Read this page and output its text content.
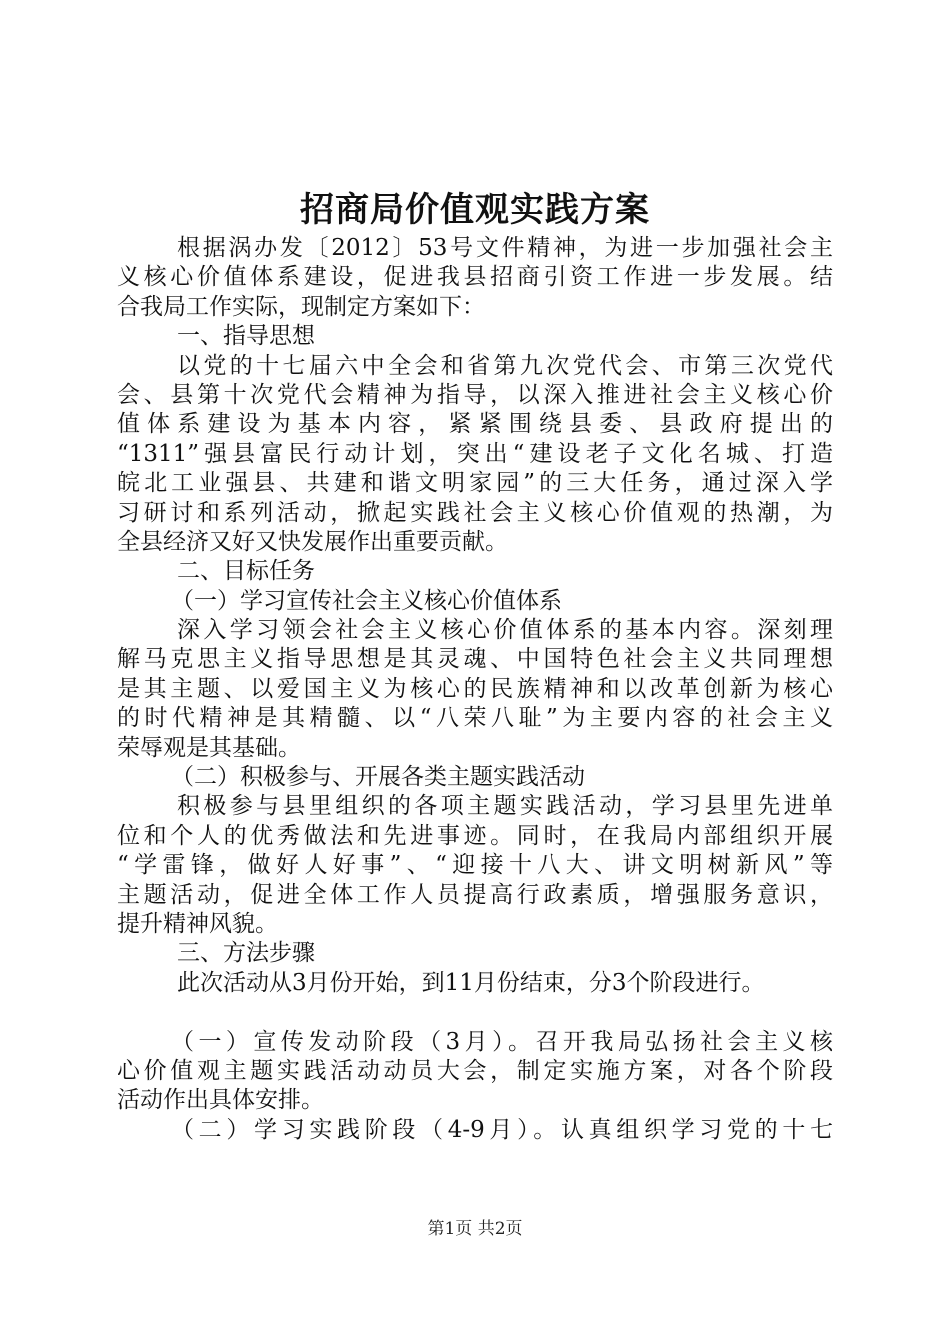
招商局价值观实践方案
根据涡办发〔2012〕53号文件精神，为进一步加强社会主
义核心价值体系建设，促进我县招商引资工作进一步发展。结
合我局工作实际，现制定方案如下：
一、指导思想
以党的十七届六中全会和省第九次党代会、市第三次党代
会、县第十次党代会精神为指导，以深入推进社会主义核心价
值体系建设为基本内容，紧紧围绕县委、县政府提出的
“1311”强县富民行动计划，突出“建设老子文化名城、打造
皖北工业强县、共建和谐文明家园”的三大任务，通过深入学
习研讨和系列活动，掀起实践社会主义核心价值观的热潮，为
全县经济又好又快发展作出重要贡献。
二、目标任务
（一）学习宣传社会主义核心价值体系
深入学习领会社会主义核心价值体系的基本内容。深刻理
解马克思主义指导思想是其灵魂、中国特色社会主义共同理想
是其主题、以爱国主义为核心的民族精神和以改革创新为核心
的时代精神是其精髓、以“八荣八耻”为主要内容的社会主义
荣辱观是其基础。
（二）积极参与、开展各类主题实践活动
积极参与县里组织的各项主题实践活动，学习县里先进单
位和个人的优秀做法和先进事迹。同时，在我局内部组织开展
“学雷锋，做好人好事”、“迎接十八大、讲文明树新风”等
主题活动，促进全体工作人员提高行政素质，增强服务意识，
提升精神风貌。
三、方法步骤
此次活动从3月份开始，到11月份结束，分3个阶段进行。
（一）宣传发动阶段（3月）。召开我局弘扬社会主义核
心价值观主题实践活动动员大会，制定实施方案，对各个阶段
活动作出具体安排。
（二）学习实践阶段（4-9月）。认真组织学习党的十七
第1页 共2页
